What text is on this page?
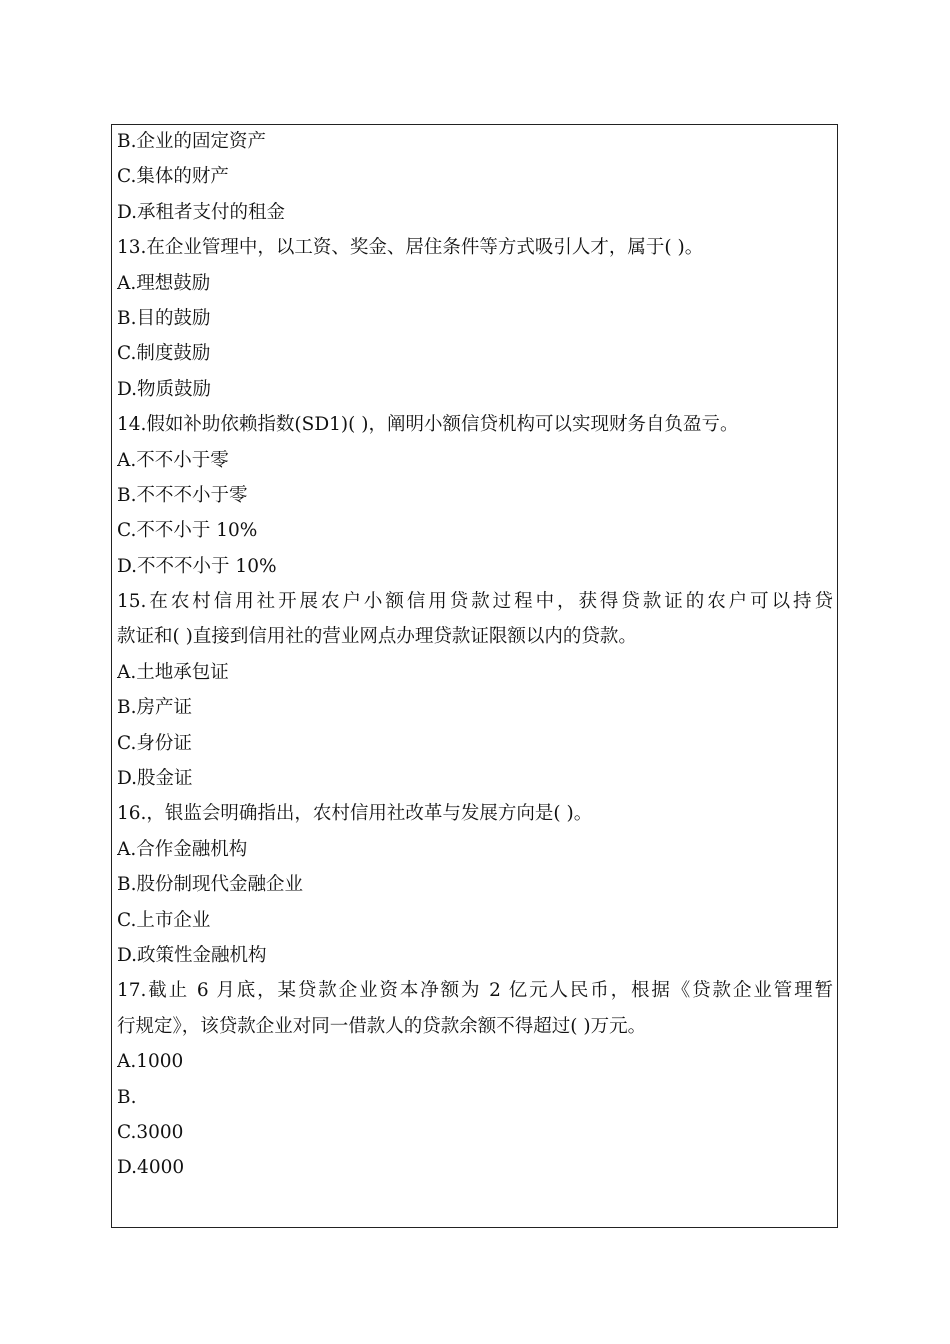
B.企业的固定资产
C.集体的财产
D.承租者支付的租金
13.在企业管理中，以工资、奖金、居住条件等方式吸引人才，属于( )。
A.理想鼓励
B.目的鼓励
C.制度鼓励
D.物质鼓励
14.假如补助依赖指数(SD1)( )，阐明小额信贷机构可以实现财务自负盈亏。
A.不不小于零
B.不不不小于零
C.不不小于 10%
D.不不不小于 10%
15.在农村信用社开展农户小额信用贷款过程中，获得贷款证的农户可以持贷
款证和( )直接到信用社的营业网点办理贷款证限额以内的贷款。
A.土地承包证
B.房产证
C.身份证
D.股金证
16.，银监会明确指出，农村信用社改革与发展方向是( )。
A.合作金融机构
B.股份制现代金融企业
C.上市企业
D.政策性金融机构
17.截止 6 月底，某贷款企业资本净额为 2 亿元人民币，根据《贷款企业管理暂
行规定》，该贷款企业对同一借款人的贷款余额不得超过( )万元。
A.1000
B.
C.3000
D.4000
